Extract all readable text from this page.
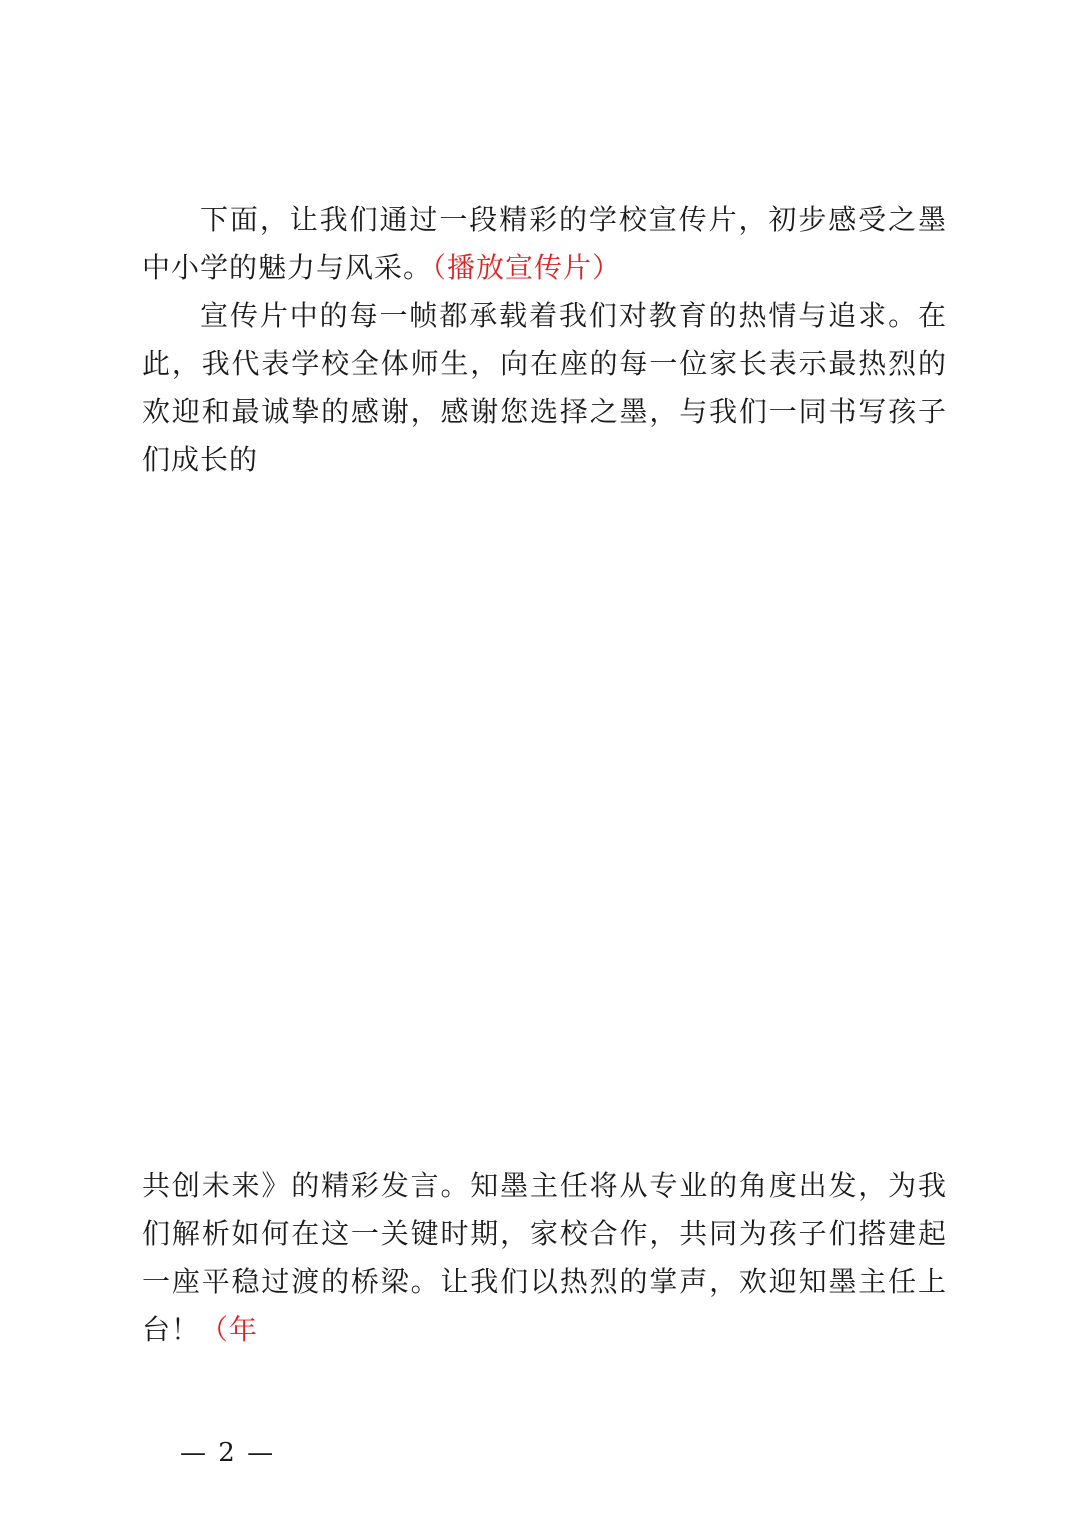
下面，让我们通过一段精彩的学校宣传片，初步感受之墨中小学的魅力与风采。（播放宣传片）

宣传片中的每一帧都承载着我们对教育的热情与追求。在此，我代表学校全体师生，向在座的每一位家长表示最热烈的欢迎和最诚挚的感谢，感谢您选择之墨，与我们一同书写孩子们成长的

共创未来》的精彩发言。知墨主任将从专业的角度出发，为我们解析如何在这一关键时期，家校合作，共同为孩子们搭建起一座平稳过渡的桥梁。让我们以热烈的掌声，欢迎知墨主任上台！（年

— 2 —
